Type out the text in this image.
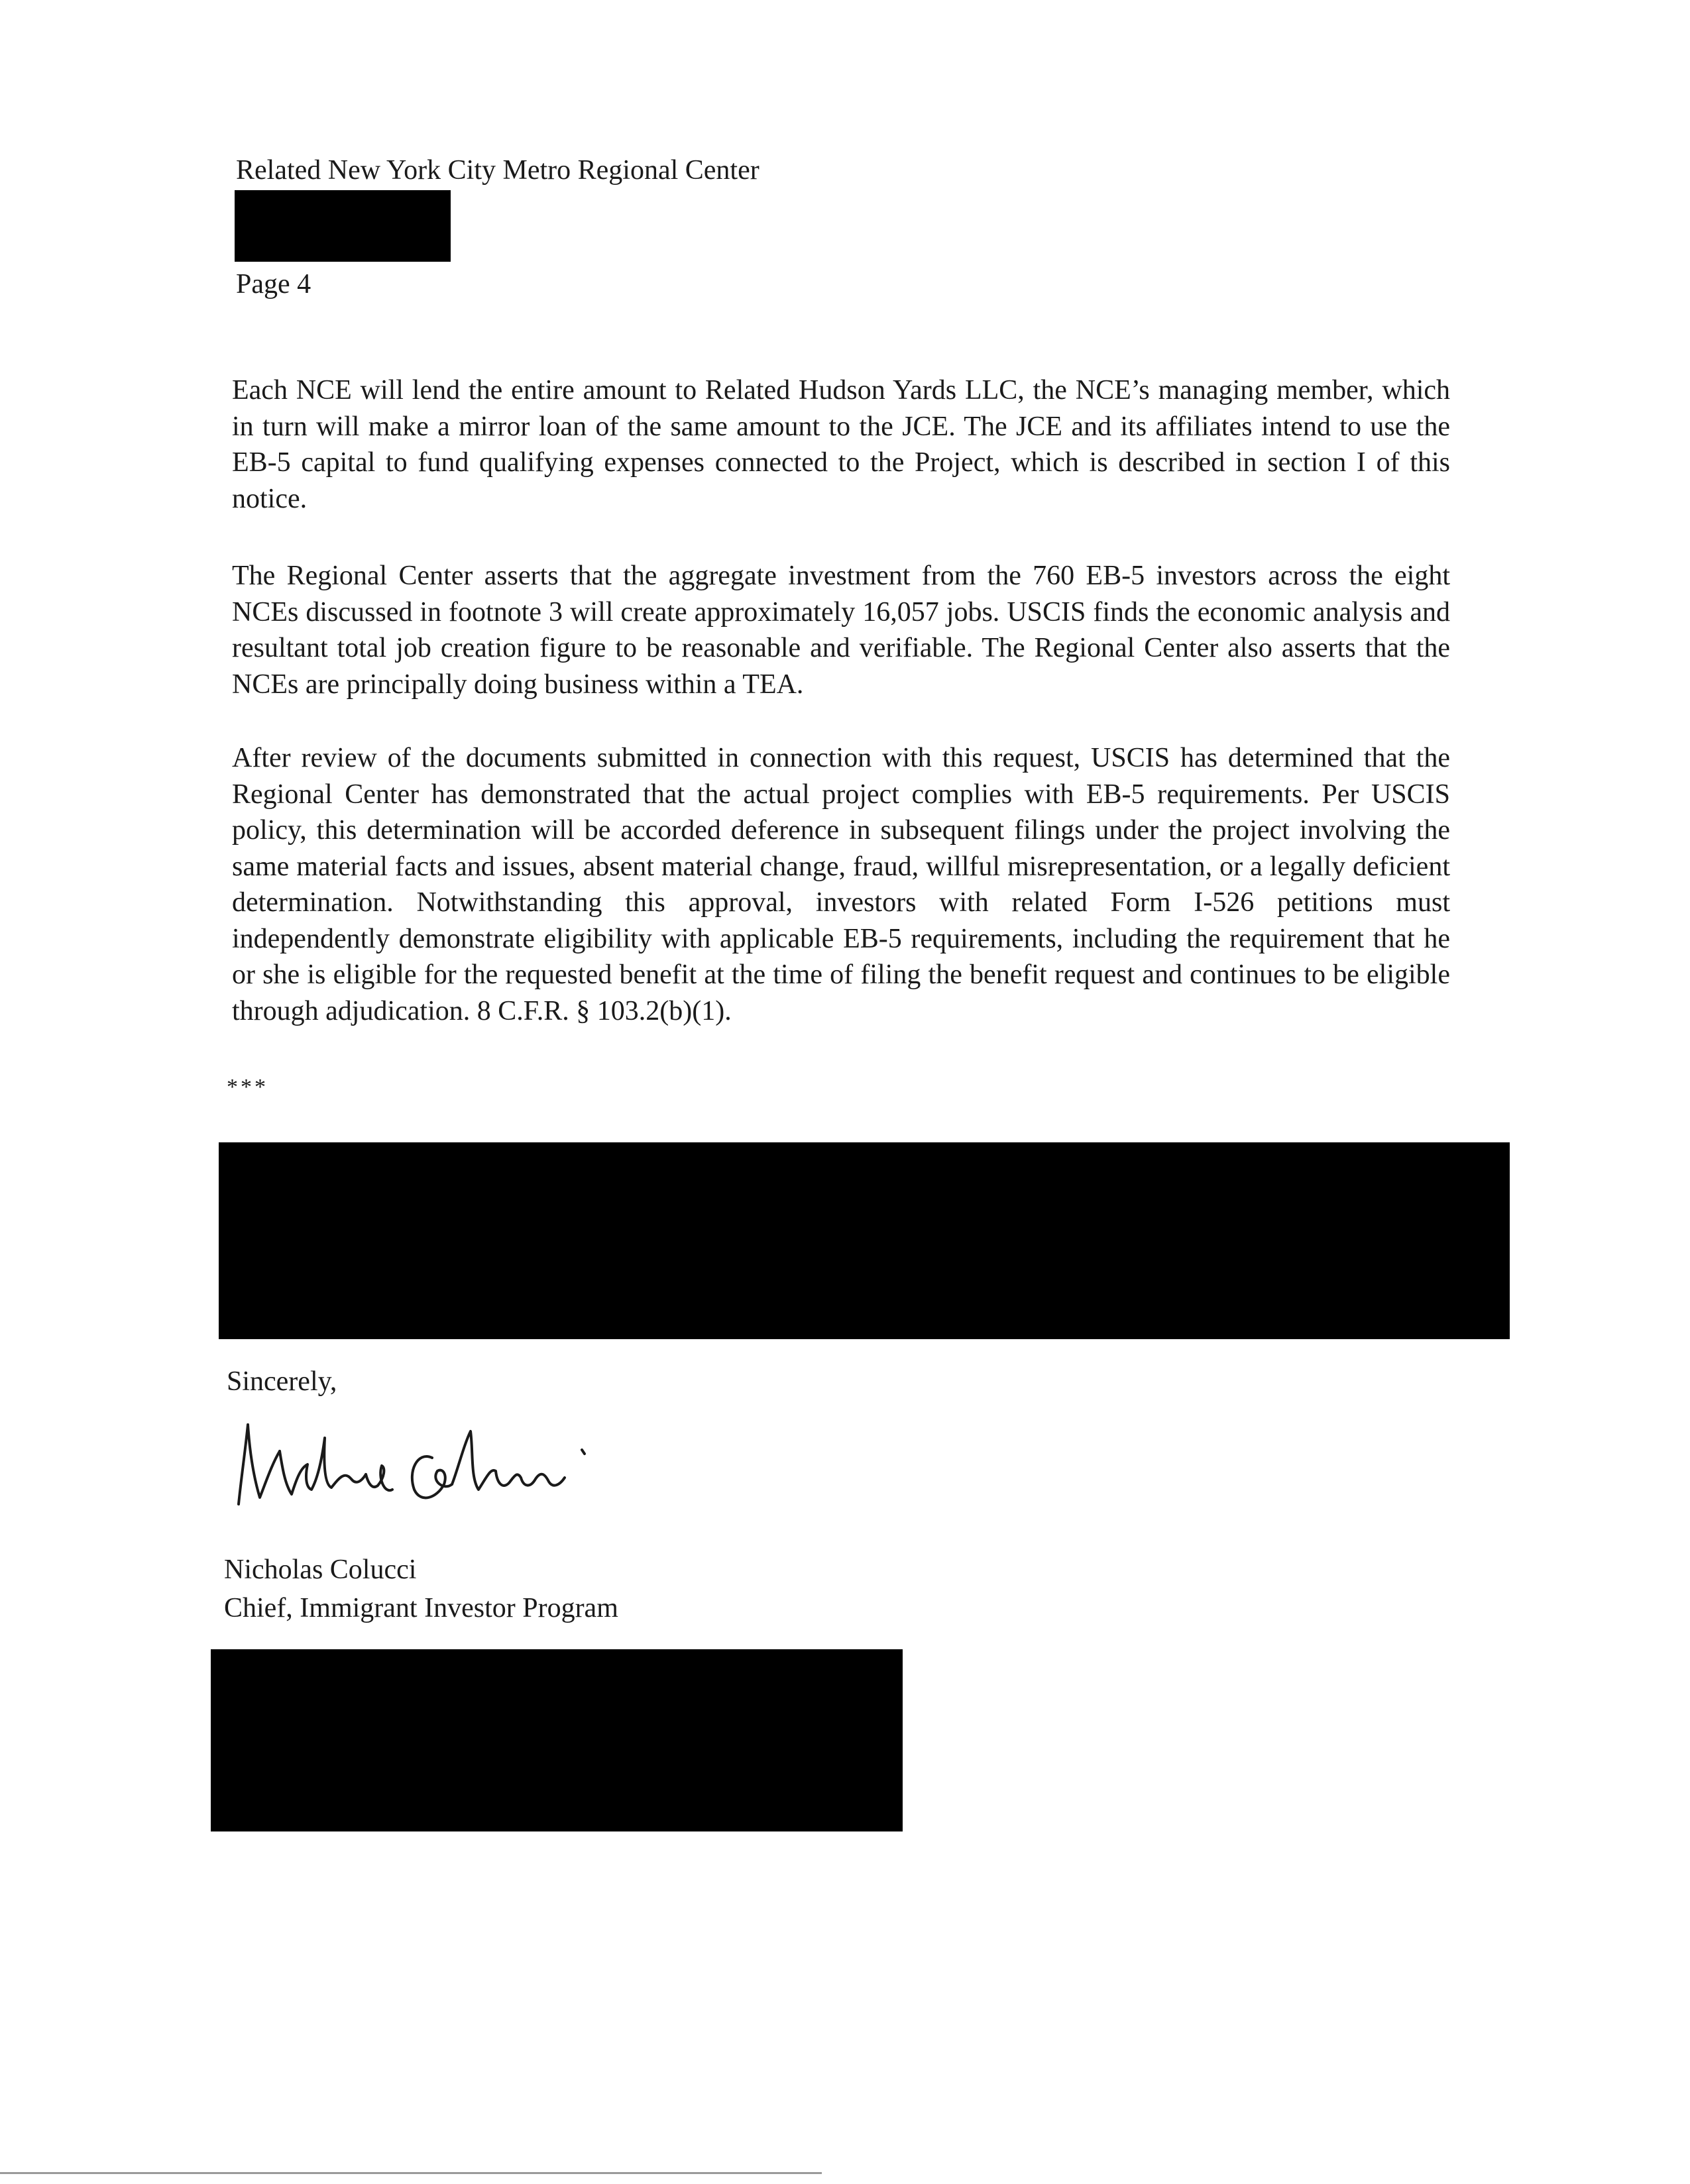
Related New York City Metro Regional Center
Page 4

Each NCE will lend the entire amount to Related Hudson Yards LLC, the NCE’s managing member, which in turn will make a mirror loan of the same amount to the JCE. The JCE and its affiliates intend to use the EB-5 capital to fund qualifying expenses connected to the Project, which is described in section I of this notice.

The Regional Center asserts that the aggregate investment from the 760 EB-5 investors across the eight NCEs discussed in footnote 3 will create approximately 16,057 jobs. USCIS finds the economic analysis and resultant total job creation figure to be reasonable and verifiable. The Regional Center also asserts that the NCEs are principally doing business within a TEA.

After review of the documents submitted in connection with this request, USCIS has determined that the Regional Center has demonstrated that the actual project complies with EB-5 requirements. Per USCIS policy, this determination will be accorded deference in subsequent filings under the project involving the same material facts and issues, absent material change, fraud, willful misrepresentation, or a legally deficient determination. Notwithstanding this approval, investors with related Form I-526 petitions must independently demonstrate eligibility with applicable EB-5 requirements, including the requirement that he or she is eligible for the requested benefit at the time of filing the benefit request and continues to be eligible through adjudication. 8 C.F.R. § 103.2(b)(1).

***
Sincerely,
Nicholas Colucci
Chief, Immigrant Investor Program
